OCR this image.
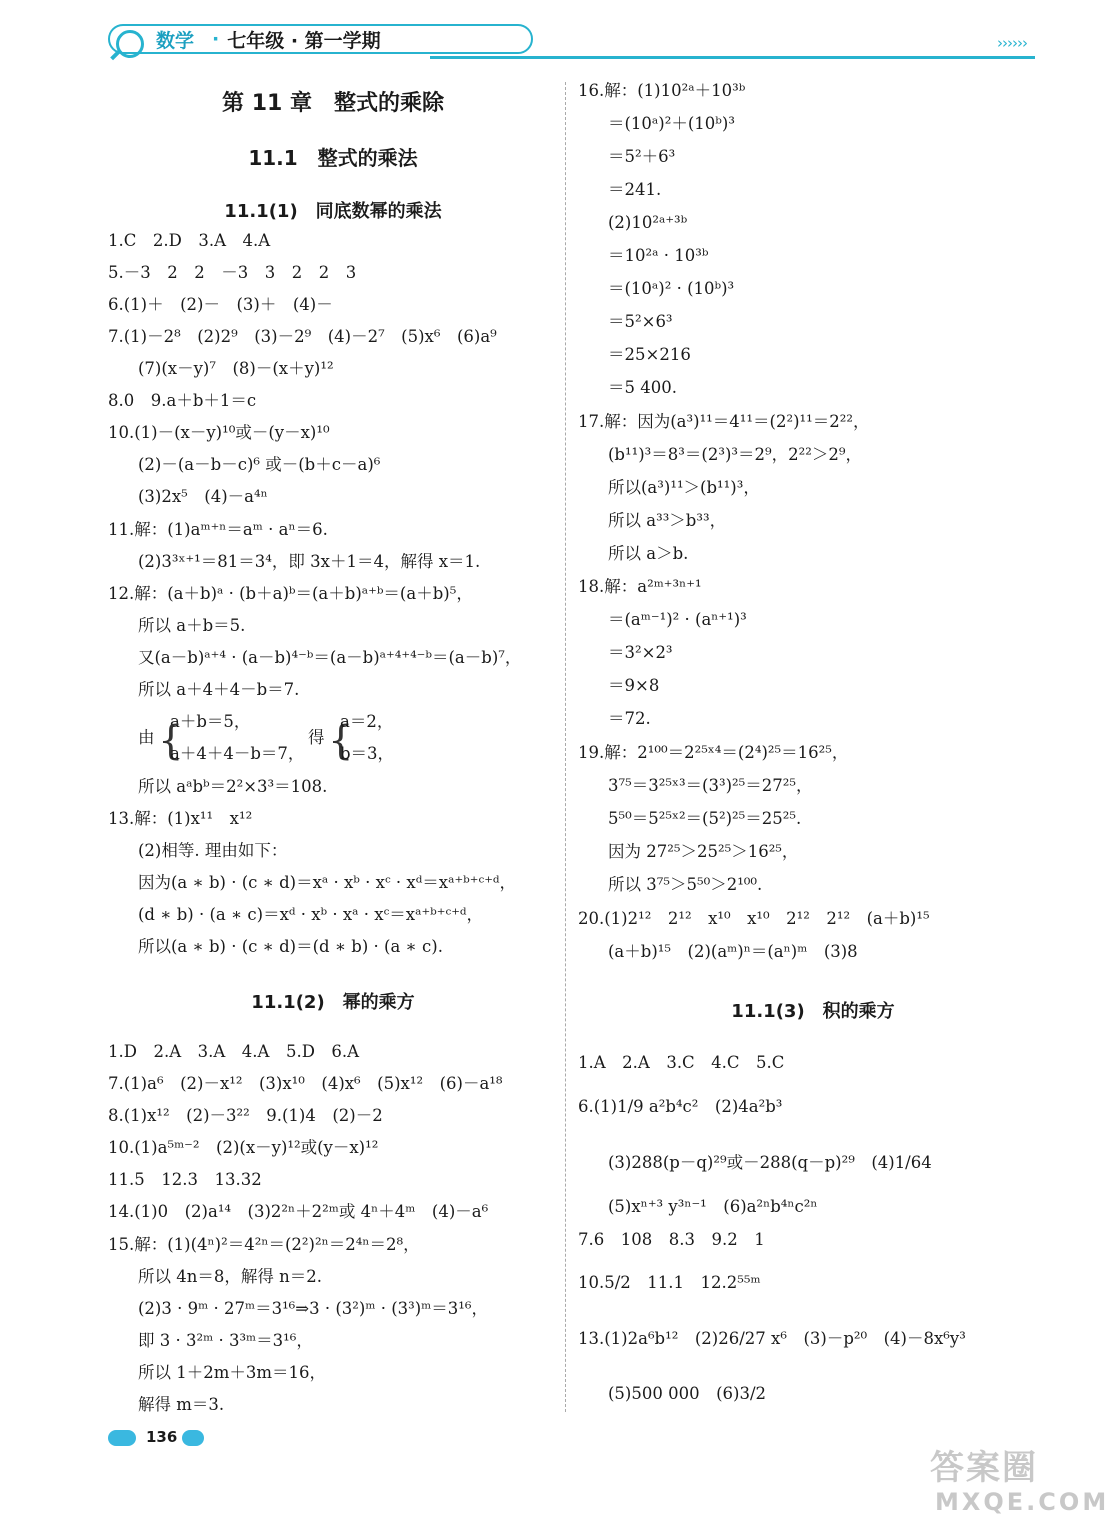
数学 · 七年级 · 第一学期	››››››
第 11 章　整式的乘除
11.1　整式的乘法
11.1(1)　同底数幂的乘法
1.C　2.D　3.A　4.A
5.－3　2　2　－3　3　2　2　3
6.(1)＋　(2)－　(3)＋　(4)－
7.(1)－2⁸　(2)2⁹　(3)－2⁹　(4)－2⁷　(5)x⁶　(6)a⁹
(7)(x－y)⁷　(8)－(x＋y)¹²
8.0　9.a＋b＋1＝c
10.(1)－(x－y)¹⁰或－(y－x)¹⁰
(2)－(a－b－c)⁶ 或－(b＋c－a)⁶
(3)2x⁵　(4)－a⁴ⁿ
11.解：(1)aᵐ⁺ⁿ＝aᵐ · aⁿ＝6.
(2)3³ˣ⁺¹＝81＝3⁴，即 3x＋1＝4，解得 x＝1.
12.解：(a＋b)ᵃ · (b＋a)ᵇ＝(a＋b)ᵃ⁺ᵇ＝(a＋b)⁵，
所以 a＋b＝5.
又(a－b)ᵃ⁺⁴ · (a－b)⁴⁻ᵇ＝(a－b)ᵃ⁺⁴⁺⁴⁻ᵇ＝(a－b)⁷，
所以 a＋4＋4－b＝7.
a＋b＝5，
由 {
a＋4＋4－b＝7，
得 {
a＝2，
b＝3，
所以 aᵃbᵇ＝2²×3³＝108.
13.解：(1)x¹¹　x¹²
(2)相等. 理由如下：
因为(a ∗ b) · (c ∗ d)＝xᵃ · xᵇ · xᶜ · xᵈ＝xᵃ⁺ᵇ⁺ᶜ⁺ᵈ，
(d ∗ b) · (a ∗ c)＝xᵈ · xᵇ · xᵃ · xᶜ＝xᵃ⁺ᵇ⁺ᶜ⁺ᵈ，
所以(a ∗ b) · (c ∗ d)＝(d ∗ b) · (a ∗ c).
11.1(2)　幂的乘方
1.D　2.A　3.A　4.A　5.D　6.A
7.(1)a⁶　(2)－x¹²　(3)x¹⁰　(4)x⁶　(5)x¹²　(6)－a¹⁸
8.(1)x¹²　(2)－3²²　9.(1)4　(2)－2
10.(1)a⁵ᵐ⁻²　(2)(x－y)¹²或(y－x)¹²
11.5　12.3　13.32
14.(1)0　(2)a¹⁴　(3)2²ⁿ＋2²ᵐ或 4ⁿ＋4ᵐ　(4)－a⁶
15.解：(1)(4ⁿ)²＝4²ⁿ＝(2²)²ⁿ＝2⁴ⁿ＝2⁸，
所以 4n＝8，解得 n＝2.
(2)3 · 9ᵐ · 27ᵐ＝3¹⁶⇒3 · (3²)ᵐ · (3³)ᵐ＝3¹⁶，
即 3 · 3²ᵐ · 3³ᵐ＝3¹⁶，
所以 1＋2m＋3m＝16，
解得 m＝3.
16.解：(1)10²ᵃ＋10³ᵇ
＝(10ᵃ)²＋(10ᵇ)³
＝5²＋6³
＝241.
(2)10²ᵃ⁺³ᵇ
＝10²ᵃ · 10³ᵇ
＝(10ᵃ)² · (10ᵇ)³
＝5²×6³
＝25×216
＝5 400.
17.解：因为(a³)¹¹＝4¹¹＝(2²)¹¹＝2²²，
(b¹¹)³＝8³＝(2³)³＝2⁹，2²²＞2⁹，
所以(a³)¹¹＞(b¹¹)³，
所以 a³³＞b³³，
所以 a＞b.
18.解：a²ᵐ⁺³ⁿ⁺¹
＝(aᵐ⁻¹)² · (aⁿ⁺¹)³
＝3²×2³
＝9×8
＝72.
19.解：2¹⁰⁰＝2²⁵ˣ⁴＝(2⁴)²⁵＝16²⁵，
3⁷⁵＝3²⁵ˣ³＝(3³)²⁵＝27²⁵，
5⁵⁰＝5²⁵ˣ²＝(5²)²⁵＝25²⁵.
因为 27²⁵＞25²⁵＞16²⁵，
所以 3⁷⁵＞5⁵⁰＞2¹⁰⁰.
20.(1)2¹²　2¹²　x¹⁰　x¹⁰　2¹²　2¹²　(a＋b)¹⁵
(a＋b)¹⁵　(2)(aᵐ)ⁿ＝(aⁿ)ᵐ　(3)8
11.1(3)　积的乘方
1.A　2.A　3.C　4.C　5.C
6.(1)1/9 a²b⁴c²　(2)4a²b³
(3)288(p－q)²⁹或－288(q－p)²⁹　(4)1/64
(5)xⁿ⁺³ y³ⁿ⁻¹　(6)a²ⁿb⁴ⁿc²ⁿ
7.6　108　8.3　9.2　1
10.5/2　11.1　12.2⁵⁵ᵐ
13.(1)2a⁶b¹²　(2)26/27 x⁶　(3)－p²⁰　(4)－8x⁶y³
(5)500 000　(6)3/2
136
答案圈
MXQE.COM
